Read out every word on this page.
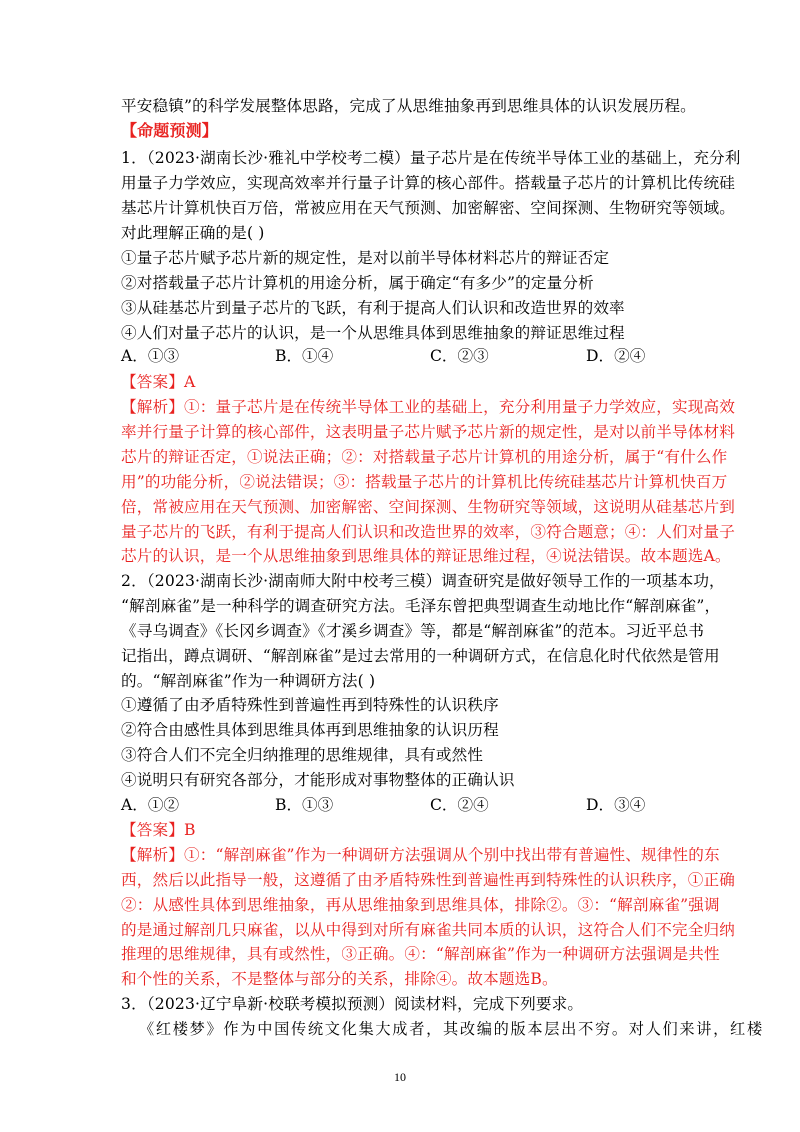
平安稳镇”的科学发展整体思路，完成了从思维抽象再到思维具体的认识发展历程。
【命题预测】
1．（2023·湖南长沙·雅礼中学校考二模）量子芯片是在传统半导体工业的基础上，充分利
用量子力学效应，实现高效率并行量子计算的核心部件。搭载量子芯片的计算机比传统硅
基芯片计算机快百万倍，常被应用在天气预测、加密解密、空间探测、生物研究等领域。
对此理解正确的是( )
①量子芯片赋予芯片新的规定性，是对以前半导体材料芯片的辩证否定
②对搭载量子芯片计算机的用途分析，属于确定“有多少”的定量分析
③从硅基芯片到量子芯片的飞跃，有利于提高人们认识和改造世界的效率
④人们对量子芯片的认识，是一个从思维具体到思维抽象的辩证思维过程
A．①③	B．①④	C．②③	D．②④
【答案】A
【解析】①：量子芯片是在传统半导体工业的基础上，充分利用量子力学效应，实现高效
率并行量子计算的核心部件，这表明量子芯片赋予芯片新的规定性，是对以前半导体材料
芯片的辩证否定，①说法正确；②：对搭载量子芯片计算机的用途分析，属于“有什么作
用”的功能分析，②说法错误；③：搭载量子芯片的计算机比传统硅基芯片计算机快百万
倍，常被应用在天气预测、加密解密、空间探测、生物研究等领域，这说明从硅基芯片到
量子芯片的飞跃，有利于提高人们认识和改造世界的效率，③符合题意；④：人们对量子
芯片的认识，是一个从思维抽象到思维具体的辩证思维过程，④说法错误。故本题选A。
2．（2023·湖南长沙·湖南师大附中校考三模）调查研究是做好领导工作的一项基本功，
“解剖麻雀”是一种科学的调查研究方法。毛泽东曾把典型调查生动地比作“解剖麻雀”，
《寻乌调查》《长冈乡调查》《才溪乡调查》等，都是“解剖麻雀”的范本。习近平总书
记指出，蹲点调研、“解剖麻雀”是过去常用的一种调研方式，在信息化时代依然是管用
的。“解剖麻雀”作为一种调研方法( )
①遵循了由矛盾特殊性到普遍性再到特殊性的认识秩序
②符合由感性具体到思维具体再到思维抽象的认识历程
③符合人们不完全归纳推理的思维规律，具有或然性
④说明只有研究各部分，才能形成对事物整体的正确认识
A．①②	B．①③	C．②④	D．③④
【答案】B
【解析】①：“解剖麻雀”作为一种调研方法强调从个别中找出带有普遍性、规律性的东
西，然后以此指导一般，这遵循了由矛盾特殊性到普遍性再到特殊性的认识秩序，①正确
②：从感性具体到思维抽象，再从思维抽象到思维具体，排除②。③：“解剖麻雀”强调
的是通过解剖几只麻雀，以从中得到对所有麻雀共同本质的认识，这符合人们不完全归纳
推理的思维规律，具有或然性，③正确。④：“解剖麻雀”作为一种调研方法强调是共性
和个性的关系，不是整体与部分的关系，排除④。故本题选B。
3．（2023·辽宁阜新·校联考模拟预测）阅读材料，完成下列要求。
《红楼梦》作为中国传统文化集大成者，其改编的版本层出不穷。对人们来讲，红楼
10
